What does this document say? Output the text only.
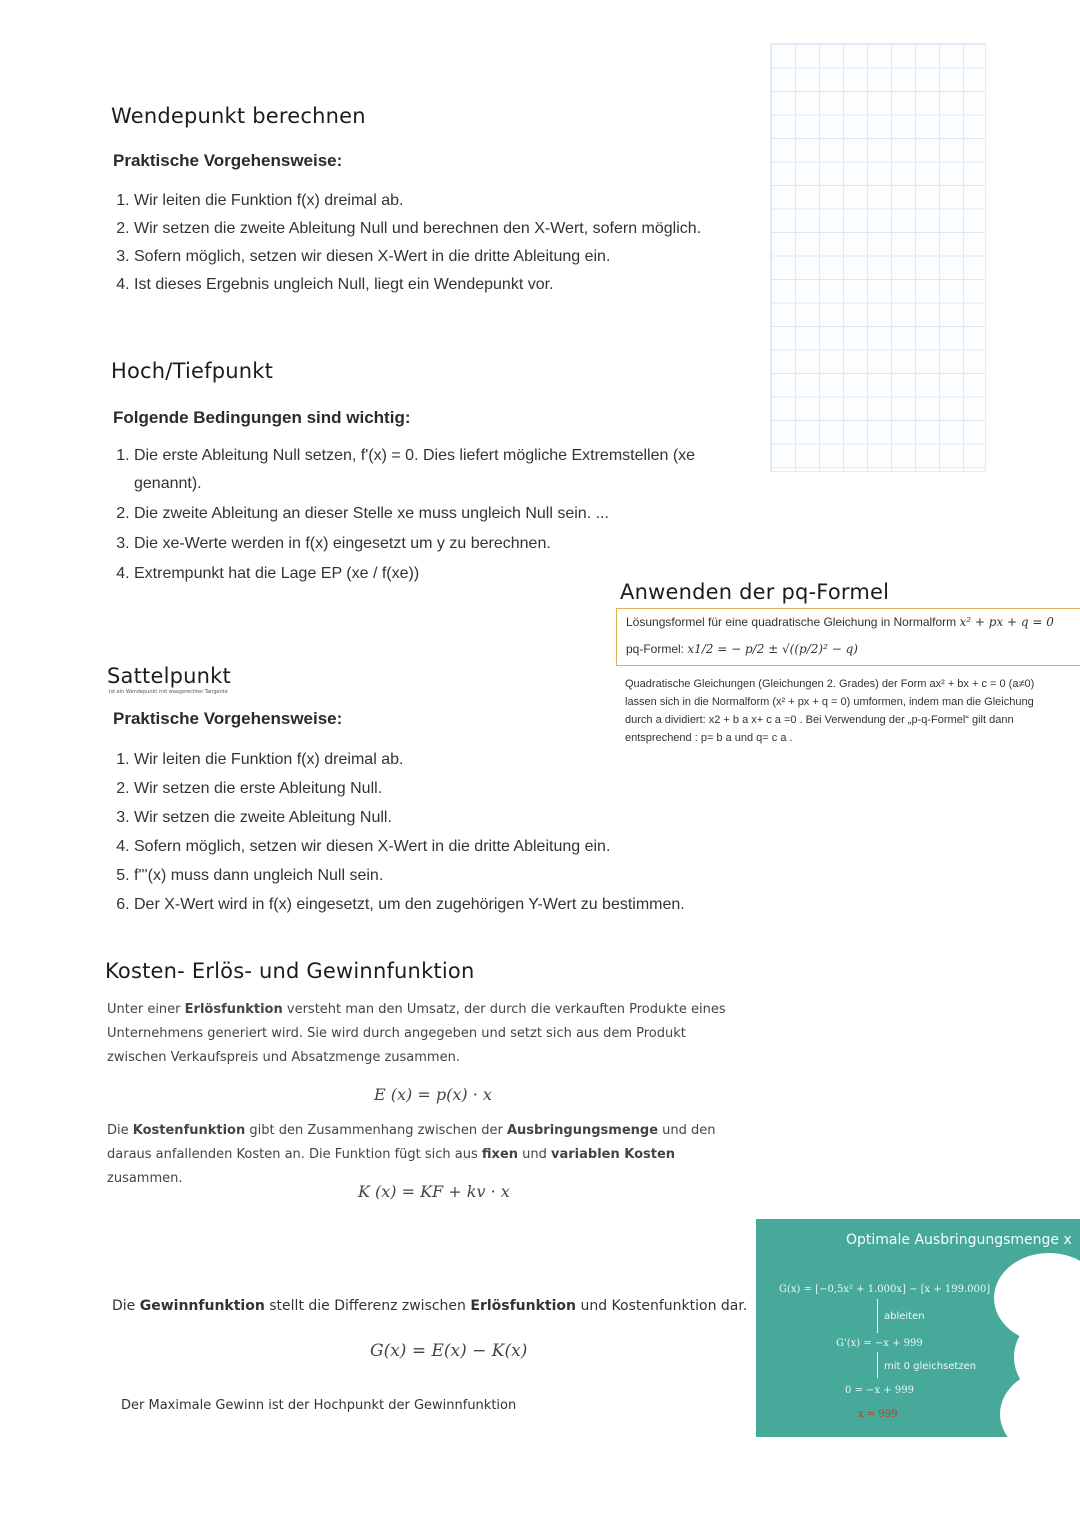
Wendepunkt berechnen
Praktische Vorgehensweise:
1. Wir leiten die Funktion f(x) dreimal ab.
2. Wir setzen die zweite Ableitung Null und berechnen den X-Wert, sofern möglich.
3. Sofern möglich, setzen wir diesen X-Wert in die dritte Ableitung ein.
4. Ist dieses Ergebnis ungleich Null, liegt ein Wendepunkt vor.
Hoch/Tiefpunkt
Folgende Bedingungen sind wichtig:
1. Die erste Ableitung Null setzen, f'(x) = 0. Dies liefert mögliche Extremstellen (xe genannt).
2. Die zweite Ableitung an dieser Stelle xe muss ungleich Null sein. ...
3. Die xe-Werte werden in f(x) eingesetzt um y zu berechnen.
4. Extrempunkt hat die Lage EP (xe / f(xe))
Anwenden der pq-Formel
Lösungsformel für eine quadratische Gleichung in Normalform x² + px + q = 0
pq-Formel: x1/2 = − p/2 ± √((p/2)² − q)
Quadratische Gleichungen (Gleichungen 2. Grades) der Form ax² + bx + c = 0 (a≠0)
lassen sich in die Normalform (x² + px + q = 0) umformen, indem man die Gleichung
durch a dividiert: x2 + b a x+ c a =0 . Bei Verwendung der „p-q-Formel“ gilt dann
entsprechend : p= b a und q= c a .
Sattelpunkt
Ist ein Wendepunkt mit waagerechter Tangente
Praktische Vorgehensweise:
1. Wir leiten die Funktion f(x) dreimal ab.
2. Wir setzen die erste Ableitung Null.
3. Wir setzen die zweite Ableitung Null.
4. Sofern möglich, setzen wir diesen X-Wert in die dritte Ableitung ein.
5. f'''(x) muss dann ungleich Null sein.
6. Der X-Wert wird in f(x) eingesetzt, um den zugehörigen Y-Wert zu bestimmen.
Kosten- Erlös- und Gewinnfunktion
Unter einer Erlösfunktion versteht man den Umsatz, der durch die verkauften Produkte eines Unternehmens generiert wird. Sie wird durch angegeben und setzt sich aus dem Produkt zwischen Verkaufspreis und Absatzmenge zusammen.
E (x) = p(x) · x
Die Kostenfunktion gibt den Zusammenhang zwischen der Ausbringungsmenge und den daraus anfallenden Kosten an. Die Funktion fügt sich aus fixen und variablen Kosten zusammen.
K (x) = KF + kv · x
Die Gewinnfunktion stellt die Differenz zwischen Erlösfunktion und Kostenfunktion dar.
G(x) = E(x) − K(x)
Der Maximale Gewinn ist der Hochpunkt der Gewinnfunktion
Optimale Ausbringungsmenge x
G(x) = [−0,5x² + 1.000x] − [x + 199.000]
ableiten
G'(x) = −x + 999
mit 0 gleichsetzen
0 = −x + 999
x = 999
